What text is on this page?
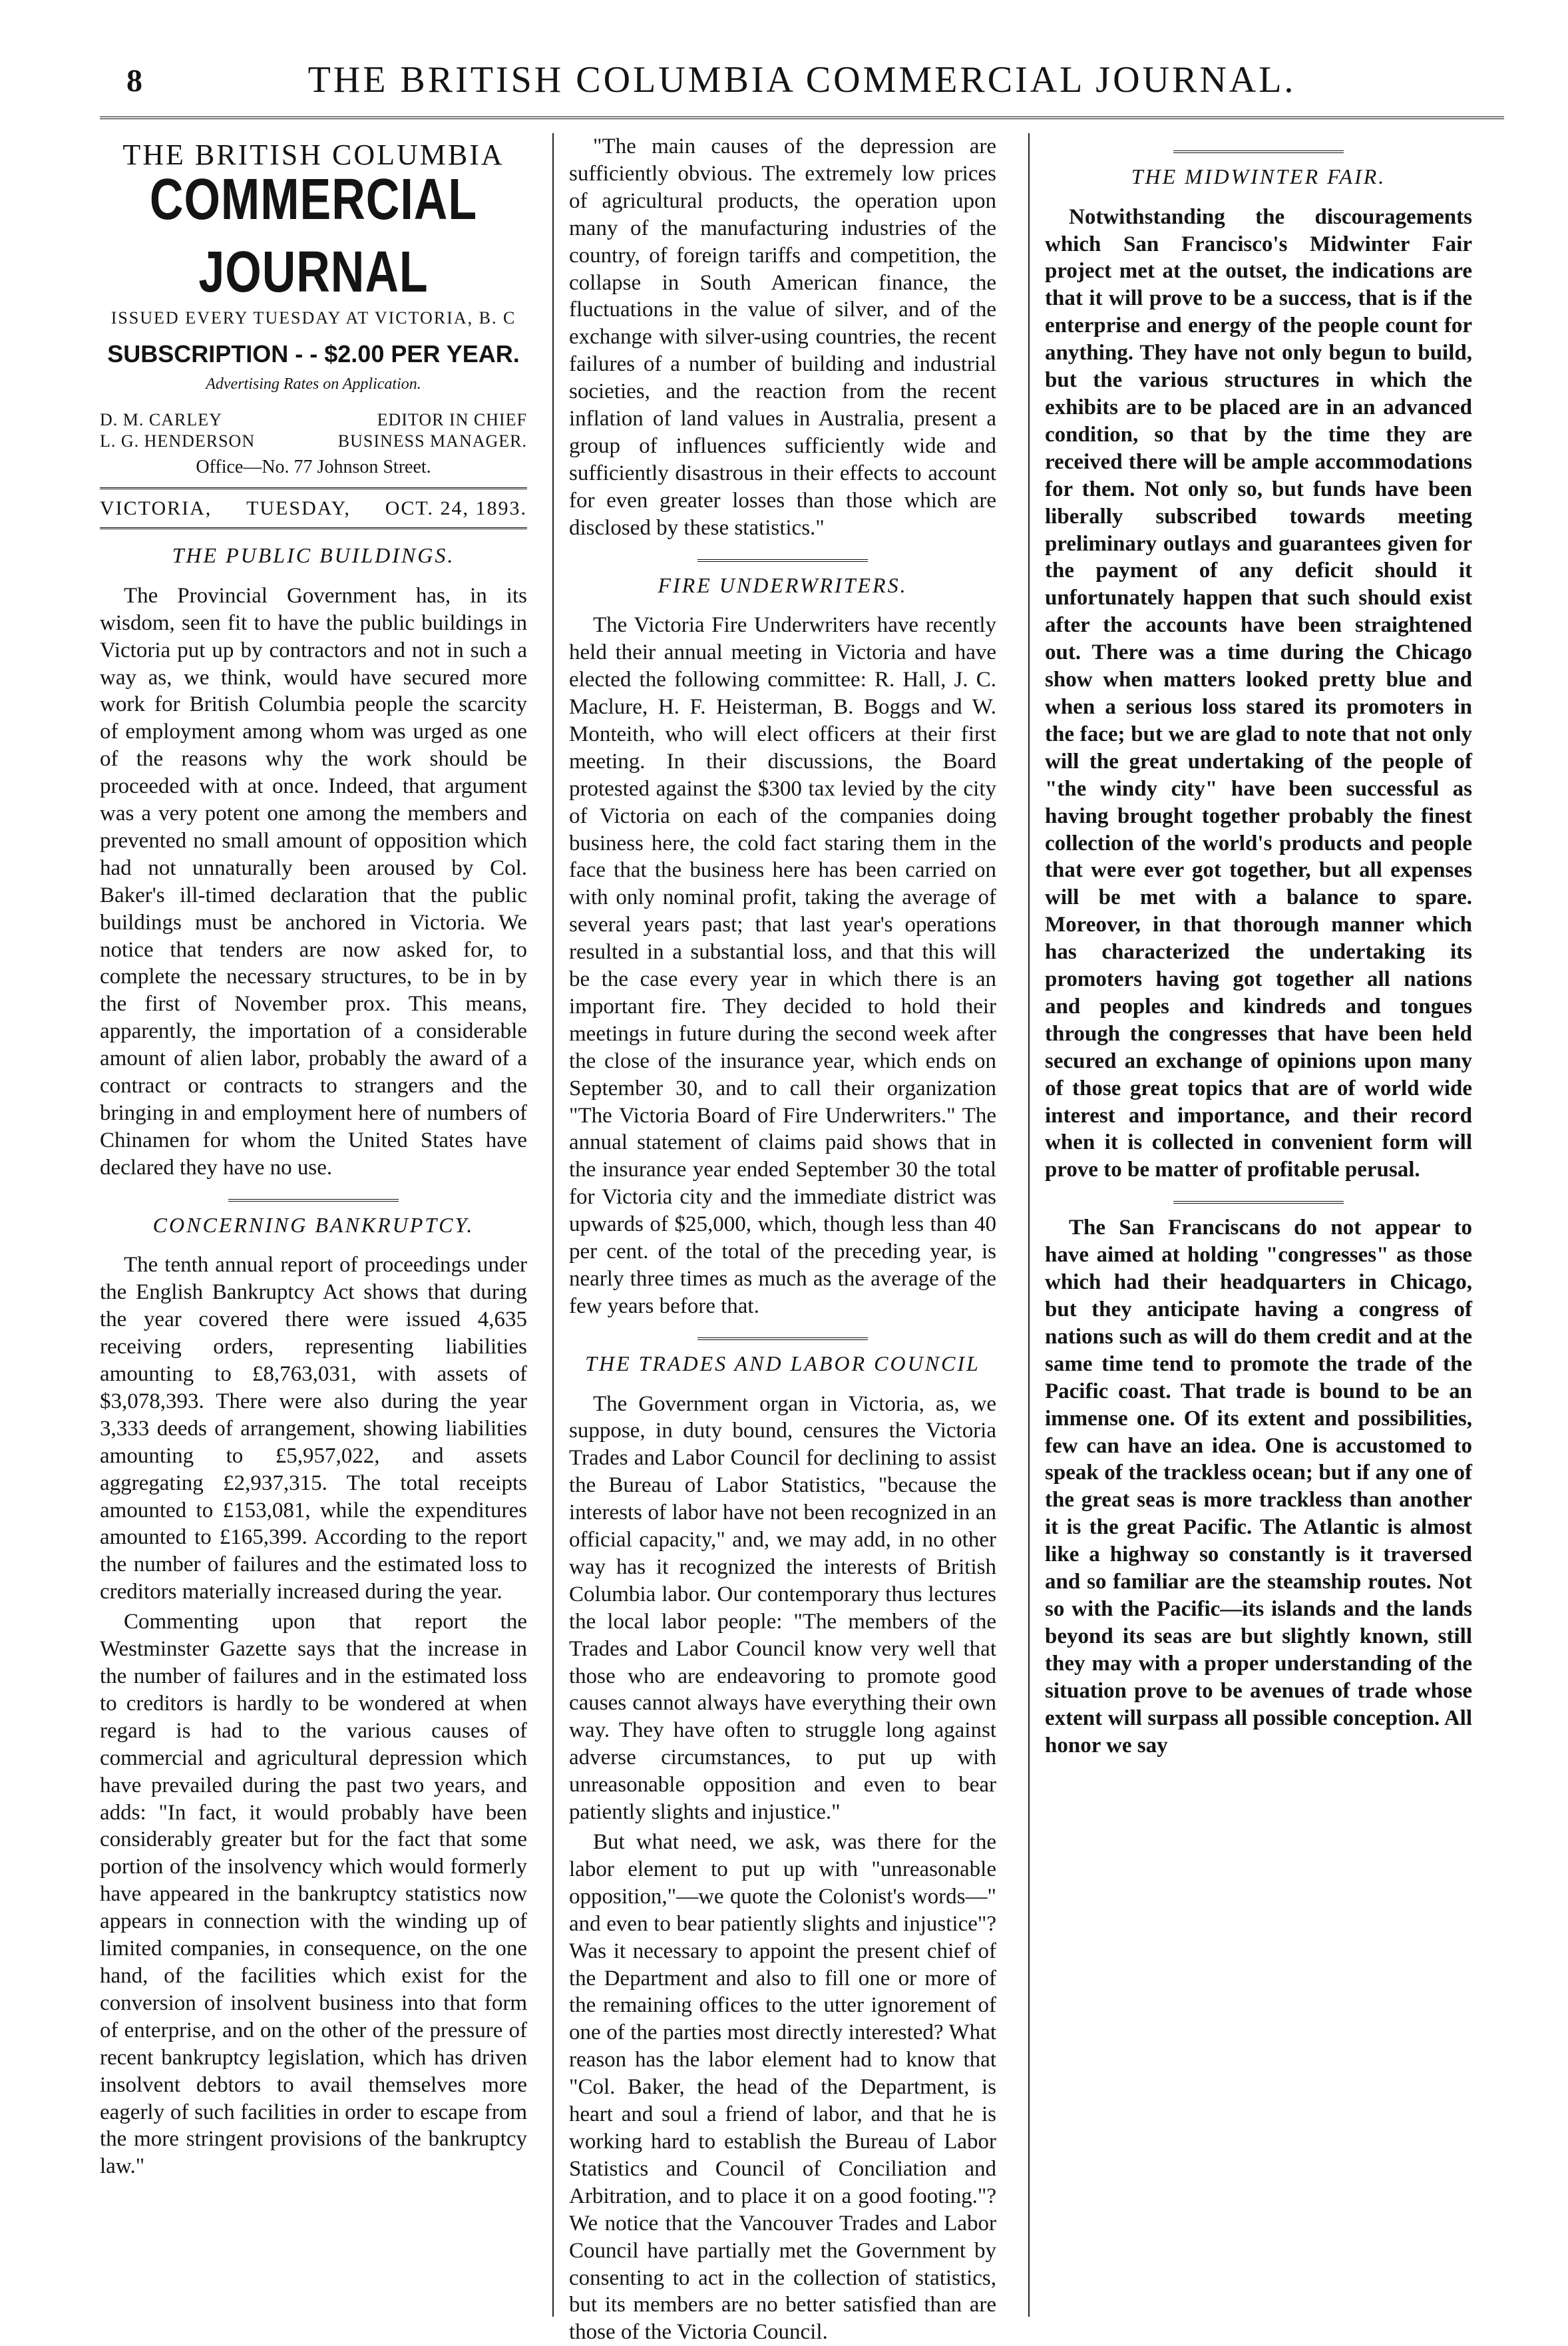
8	THE BRITISH COLUMBIA COMMERCIAL JOURNAL.
THE BRITISH COLUMBIA
COMMERCIAL JOURNAL
ISSUED EVERY TUESDAY AT VICTORIA, B. C
SUBSCRIPTION - - $2.00 PER YEAR.
Advertising Rates on Application.
D. M. CARLEY	EDITOR IN CHIEF
L. G. HENDERSON	BUSINESS MANAGER.
Office—No. 77 Johnson Street.
VICTORIA, TUESDAY, OCT. 24, 1893.
THE PUBLIC BUILDINGS.

The Provincial Government has, in its wisdom, seen fit to have the public buildings in Victoria put up by contractors and not in such a way as, we think, would have secured more work for British Columbia people the scarcity of employment among whom was urged as one of the reasons why the work should be proceeded with at once. Indeed, that argument was a very potent one among the members and prevented no small amount of opposition which had not unnaturally been aroused by Col. Baker's ill-timed declaration that the public buildings must be anchored in Victoria. We notice that tenders are now asked for, to complete the necessary structures, to be in by the first of November prox. This means, apparently, the importation of a considerable amount of alien labor, probably the award of a contract or contracts to strangers and the bringing in and employment here of numbers of Chinamen for whom the United States have declared they have no use.

CONCERNING BANKRUPTCY.

The tenth annual report of proceedings under the English Bankruptcy Act shows that during the year covered there were issued 4,635 receiving orders, representing liabilities amounting to £8,763,031, with assets of $3,078,393. There were also during the year 3,333 deeds of arrangement, showing liabilities amounting to £5,957,022, and assets aggregating £2,937,315. The total receipts amounted to £153,081, while the expenditures amounted to £165,399. According to the report the number of failures and the estimated loss to creditors materially increased during the year.

Commenting upon that report the Westminster Gazette says that the increase in the number of failures and in the estimated loss to creditors is hardly to be wondered at when regard is had to the various causes of commercial and agricultural depression which have prevailed during the past two years, and adds: "In fact, it would probably have been considerably greater but for the fact that some portion of the insolvency which would formerly have appeared in the bankruptcy statistics now appears in connection with the winding up of limited companies, in consequence, on the one hand, of the facilities which exist for the conversion of insolvent business into that form of enterprise, and on the other of the pressure of recent bankruptcy legislation, which has driven insolvent debtors to avail themselves more eagerly of such facilities in order to escape from the more stringent provisions of the bankruptcy law."

"The main causes of the depression are sufficiently obvious. The extremely low prices of agricultural products, the operation upon many of the manufacturing industries of the country, of foreign tariffs and competition, the collapse in South American finance, the fluctuations in the value of silver, and of the exchange with silver-using countries, the recent failures of a number of building and industrial societies, and the reaction from the recent inflation of land values in Australia, present a group of influences sufficiently wide and sufficiently disastrous in their effects to account for even greater losses than those which are disclosed by these statistics."

FIRE UNDERWRITERS.

The Victoria Fire Underwriters have recently held their annual meeting in Victoria and have elected the following committee: R. Hall, J. C. Maclure, H. F. Heisterman, B. Boggs and W. Monteith, who will elect officers at their first meeting. In their discussions, the Board protested against the $300 tax levied by the city of Victoria on each of the companies doing business here, the cold fact staring them in the face that the business here has been carried on with only nominal profit, taking the average of several years past; that last year's operations resulted in a substantial loss, and that this will be the case every year in which there is an important fire. They decided to hold their meetings in future during the second week after the close of the insurance year, which ends on September 30, and to call their organization "The Victoria Board of Fire Underwriters." The annual statement of claims paid shows that in the insurance year ended September 30 the total for Victoria city and the immediate district was upwards of $25,000, which, though less than 40 per cent. of the total of the preceding year, is nearly three times as much as the average of the few years before that.

THE TRADES AND LABOR COUNCIL

The Government organ in Victoria, as, we suppose, in duty bound, censures the Victoria Trades and Labor Council for declining to assist the Bureau of Labor Statistics, "because the interests of labor have not been recognized in an official capacity," and, we may add, in no other way has it recognized the interests of British Columbia labor. Our contemporary thus lectures the local labor people: "The members of the Trades and Labor Council know very well that those who are endeavoring to promote good causes cannot always have everything their own way. They have often to struggle long against adverse circumstances, to put up with unreasonable opposition and even to bear patiently slights and injustice."

But what need, we ask, was there for the labor element to put up with "unreasonable opposition,"—we quote the Colonist's words—" and even to bear patiently slights and injustice"? Was it necessary to appoint the present chief of the Department and also to fill one or more of the remaining offices to the utter ignorement of one of the parties most directly interested? What reason has the labor element had to know that "Col. Baker, the head of the Department, is heart and soul a friend of labor, and that he is working hard to establish the Bureau of Labor Statistics and Council of Conciliation and Arbitration, and to place it on a good footing."? We notice that the Vancouver Trades and Labor Council have partially met the Government by consenting to act in the collection of statistics, but its members are no better satisfied than are those of the Victoria Council.

THE MIDWINTER FAIR.

Notwithstanding the discouragements which San Francisco's Midwinter Fair project met at the outset, the indications are that it will prove to be a success, that is if the enterprise and energy of the people count for anything. They have not only begun to build, but the various structures in which the exhibits are to be placed are in an advanced condition, so that by the time they are received there will be ample accommodations for them. Not only so, but funds have been liberally subscribed towards meeting preliminary outlays and guarantees given for the payment of any deficit should it unfortunately happen that such should exist after the accounts have been straightened out. There was a time during the Chicago show when matters looked pretty blue and when a serious loss stared its promoters in the face; but we are glad to note that not only will the great undertaking of the people of "the windy city" have been successful as having brought together probably the finest collection of the world's products and people that were ever got together, but all expenses will be met with a balance to spare. Moreover, in that thorough manner which has characterized the undertaking its promoters having got together all nations and peoples and kindreds and tongues through the congresses that have been held secured an exchange of opinions upon many of those great topics that are of world wide interest and importance, and their record when it is collected in convenient form will prove to be matter of profitable perusal.

The San Franciscans do not appear to have aimed at holding "congresses" as those which had their headquarters in Chicago, but they anticipate having a congress of nations such as will do them credit and at the same time tend to promote the trade of the Pacific coast. That trade is bound to be an immense one. Of its extent and possibilities, few can have an idea. One is accustomed to speak of the trackless ocean; but if any one of the great seas is more trackless than another it is the great Pacific. The Atlantic is almost like a highway so constantly is it traversed and so familiar are the steamship routes. Not so with the Pacific—its islands and the lands beyond its seas are but slightly known, still they may with a proper understanding of the situation prove to be avenues of trade whose extent will surpass all possible conception. All honor we say
